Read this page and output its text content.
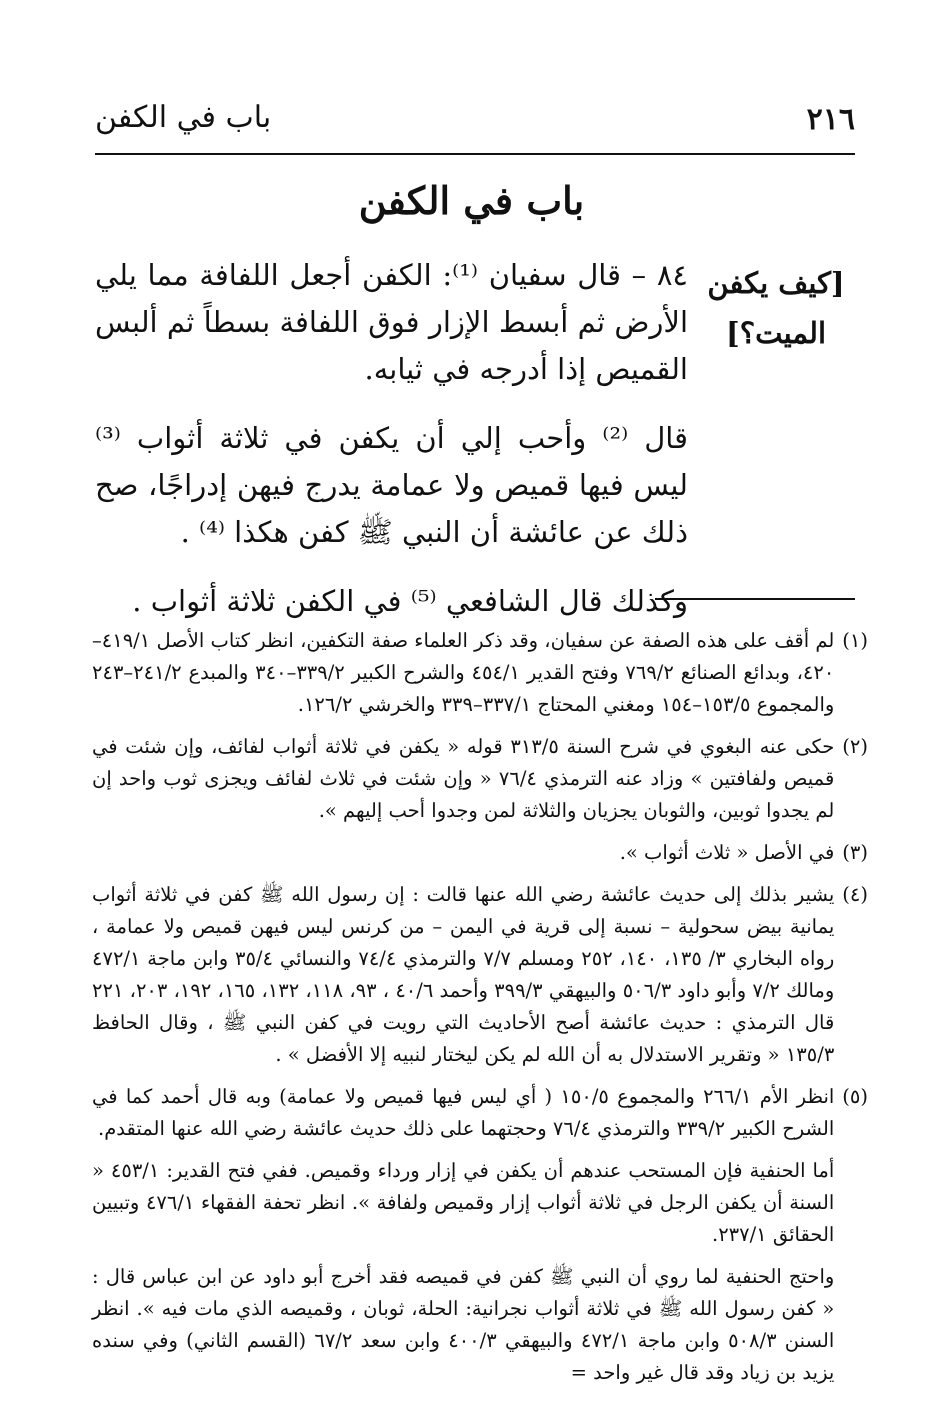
٢١٦
باب في الكفن
باب في الكفن
[كيف يكفن
الميت؟]

٨٤ – قال سفيان ⁽¹⁾: الكفن أجعل اللفافة مما يلي الأرض ثم أبسط الإزار فوق اللفافة بسطاً ثم ألبس القميص إذا أدرجه في ثيابه.

قال ⁽²⁾ وأحب إلي أن يكفن في ثلاثة أثواب ⁽³⁾ ليس فيها قميص ولا عمامة يدرج فيهن إدراجًا، صح ذلك عن عائشة أن النبي ﷺ كفن هكذا ⁽⁴⁾ .

وكذلك قال الشافعي ⁽⁵⁾ في الكفن ثلاثة أثواب .

(١)
لم أقف على هذه الصفة عن سفيان، وقد ذكر العلماء صفة التكفين، انظر كتاب الأصل ٤١٩/١–٤٢٠، وبدائع الصنائع ٧٦٩/٢ وفتح القدير ٤٥٤/١ والشرح الكبير ٣٣٩/٢–٣٤٠ والمبدع ٢٤١/٢–٢٤٣ والمجموع ١٥٣/٥–١٥٤ ومغني المحتاج ٣٣٧/١–٣٣٩ والخرشي ١٢٦/٢.
(٢)
حكى عنه البغوي في شرح السنة ٣١٣/٥ قوله « يكفن في ثلاثة أثواب لفائف، وإن شئت في قميص ولفافتين » وزاد عنه الترمذي ٧٦/٤ « وإن شئت في ثلاث لفائف ويجزى ثوب واحد إن لم يجدوا ثوبين، والثوبان يجزيان والثلاثة لمن وجدوا أحب إليهم ».
(٣)
في الأصل « ثلاث أثواب ».
(٤)
يشير بذلك إلى حديث عائشة رضي الله عنها قالت : إن رسول الله ﷺ كفن في ثلاثة أثواب يمانية بيض سحولية – نسبة إلى قرية في اليمن – من كرنس ليس فيهن قميص ولا عمامة ، رواه البخاري ٣/ ١٣٥، ١٤٠، ٢٥٢ ومسلم ٧/٧ والترمذي ٧٤/٤ والنسائي ٣٥/٤ وابن ماجة ٤٧٢/١ ومالك ٧/٢ وأبو داود ٥٠٦/٣ والبيهقي ٣٩٩/٣ وأحمد ٤٠/٦ ، ٩٣، ١١٨، ١٣٢، ١٦٥، ١٩٢، ٢٠٣، ٢٢١ قال الترمذي : حديث عائشة أصح الأحاديث التي رويت في كفن النبي ﷺ ، وقال الحافظ ١٣٥/٣ « وتقرير الاستدلال به أن الله لم يكن ليختار لنبيه إلا الأفضل » .
(٥)
انظر الأم ٢٦٦/١ والمجموع ١٥٠/٥ ( أي ليس فيها قميص ولا عمامة) وبه قال أحمد كما في الشرح الكبير ٣٣٩/٢ والترمذي ٧٦/٤ وحجتهما على ذلك حديث عائشة رضي الله عنها المتقدم.
أما الحنفية فإن المستحب عندهم أن يكفن في إزار ورداء وقميص. ففي فتح القدير: ٤٥٣/١ « السنة أن يكفن الرجل في ثلاثة أثواب إزار وقميص ولفافة ». انظر تحفة الفقهاء ٤٧٦/١ وتبيين الحقائق ٢٣٧/١.
واحتج الحنفية لما روي أن النبي ﷺ كفن في قميصه فقد أخرج أبو داود عن ابن عباس قال : « كفن رسول الله ﷺ في ثلاثة أثواب نجرانية: الحلة، ثوبان ، وقميصه الذي مات فيه ». انظر السنن ٥٠٨/٣ وابن ماجة ٤٧٢/١ والبيهقي ٤٠٠/٣ وابن سعد ٦٧/٢ (القسم الثاني) وفي سنده يزيد بن زياد وقد قال غير واحد =
